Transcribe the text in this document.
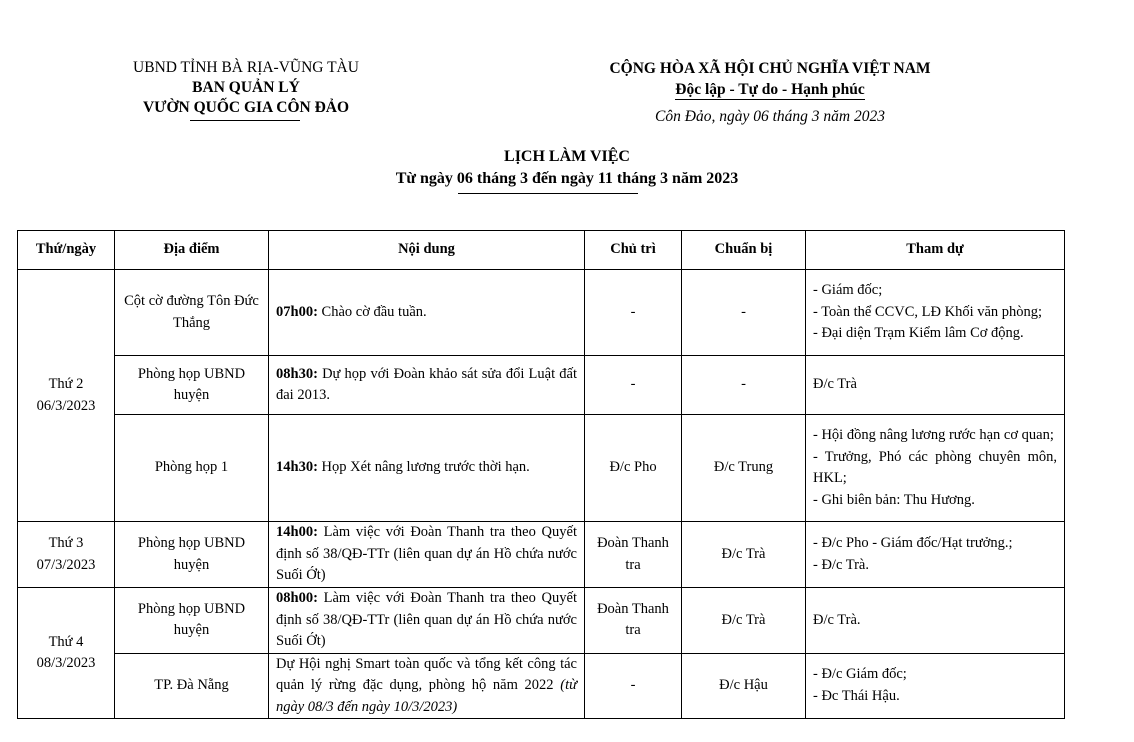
UBND TỈNH BÀ RỊA-VŨNG TÀU
BAN QUẢN LÝ
VƯỜN QUỐC GIA CÔN ĐẢO
CỘNG HÒA XÃ HỘI CHỦ NGHĨA VIỆT NAM
Độc lập - Tự do - Hạnh phúc
Côn Đảo, ngày 06 tháng 3 năm 2023
LỊCH LÀM VIỆC
Từ ngày 06 tháng 3 đến ngày 11 tháng 3 năm 2023
Thứ/ngày	Địa điểm	Nội dung	Chủ trì	Chuẩn bị	Tham dự

Thứ 2
06/3/2023	Cột cờ đường Tôn Đức Thắng	07h00: Chào cờ đầu tuần.	-	-	- Giám đốc;
- Toàn thể CCVC, LĐ Khối văn phòng;
- Đại diện Trạm Kiểm lâm Cơ động.

	Phòng họp UBND huyện	08h30: Dự họp với Đoàn khảo sát sửa đổi Luật đất đai 2013.	-	-	Đ/c Trà

	Phòng họp 1	14h30: Họp Xét nâng lương trước thời hạn.	Đ/c Pho	Đ/c Trung	- Hội đồng nâng lương rước hạn cơ quan;
- Trưởng, Phó các phòng chuyên môn, HKL;
- Ghi biên bản: Thu Hương.

Thứ 3
07/3/2023	Phòng họp UBND huyện	14h00: Làm việc với Đoàn Thanh tra theo Quyết định số 38/QĐ-TTr (liên quan dự án Hồ chứa nước Suối Ớt)	Đoàn Thanh tra	Đ/c Trà	- Đ/c Pho - Giám đốc/Hạt trưởng.;
- Đ/c Trà.

Thứ 4
08/3/2023	Phòng họp UBND huyện	08h00: Làm việc với Đoàn Thanh tra theo Quyết định số 38/QĐ-TTr (liên quan dự án Hồ chứa nước Suối Ớt)	Đoàn Thanh tra	Đ/c Trà	Đ/c Trà.

	TP. Đà Nẵng	Dự Hội nghị Smart toàn quốc và tổng kết công tác quản lý rừng đặc dụng, phòng hộ năm 2022 (từ ngày 08/3 đến ngày 10/3/2023)	-	Đ/c Hậu	- Đ/c Giám đốc;
- Đc Thái Hậu.
